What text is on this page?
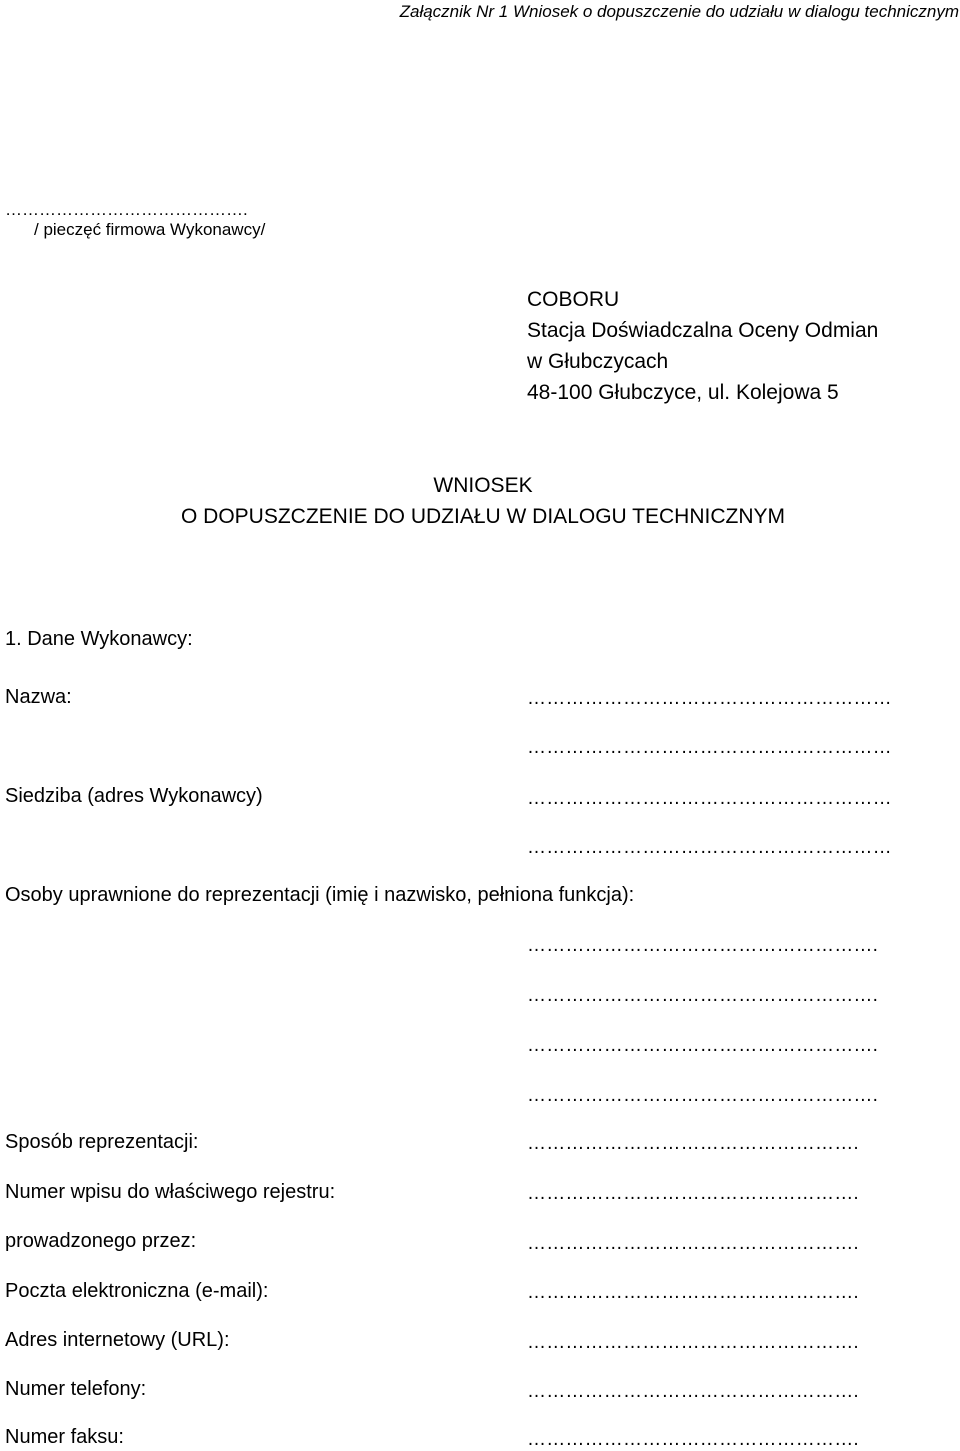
Załącznik Nr 1 Wniosek o dopuszczenie do udziału w dialogu technicznym
…………………………………….
/ pieczęć firmowa Wykonawcy/
COBORU
Stacja Doświadczalna Oceny Odmian
w Głubczycach
48-100 Głubczyce, ul. Kolejowa 5
WNIOSEK
O DOPUSZCZENIE DO UDZIAŁU W DIALOGU TECHNICZNYM
1. Dane Wykonawcy:
Nazwa:	…………………………………………………
…………………………………………………
Siedziba (adres Wykonawcy)	…………………………………………………
…………………………………………………
Osoby uprawnione do reprezentacji (imię i nazwisko, pełniona funkcja):
……………………………………………….
……………………………………………….
……………………………………………….
……………………………………………….
Sposób reprezentacji:	…………………………………………….
Numer wpisu do właściwego rejestru:	…………………………………………….
prowadzonego przez:	…………………………………………….
Poczta elektroniczna (e-mail):	…………………………………………….
Adres internetowy (URL):	…………………………………………….
Numer telefony:	…………………………………………….
Numer faksu:	…………………………………………….
